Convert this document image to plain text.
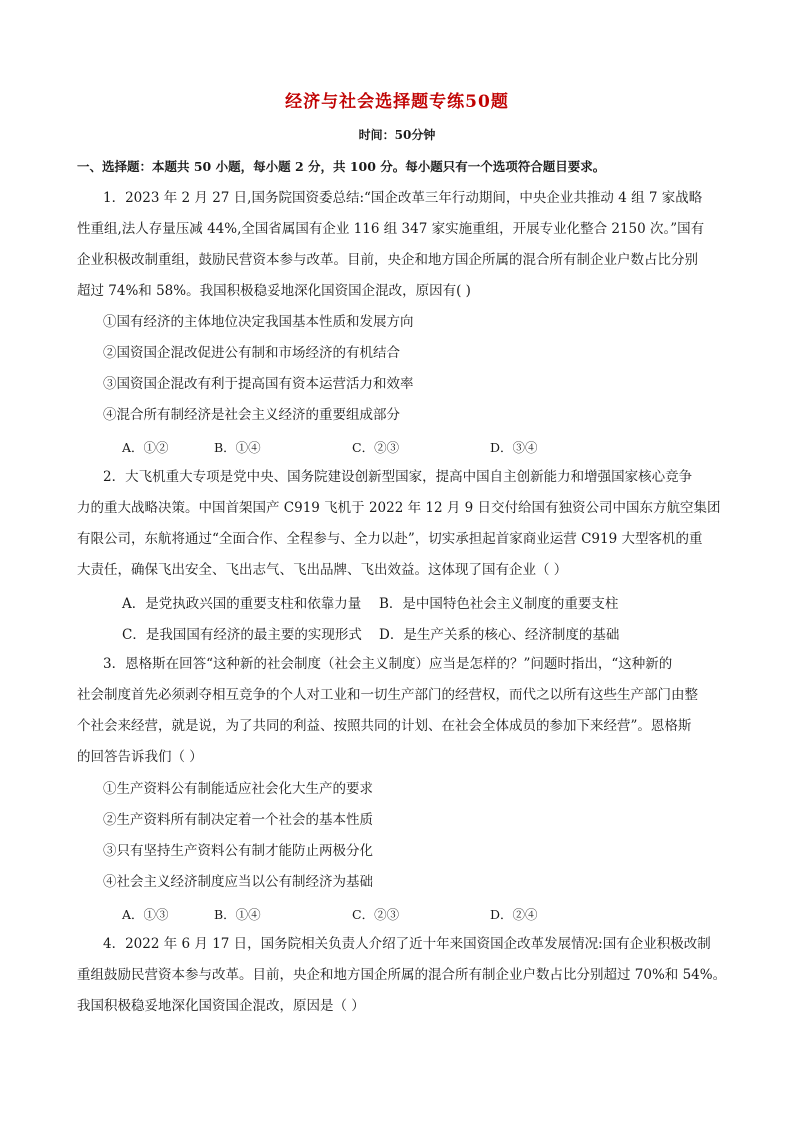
经济与社会选择题专练50题
时间：50分钟
一、选择题：本题共 50 小题，每小题 2 分，共 100 分。每小题只有一个选项符合题目要求。
1．2023 年 2 月 27 日,国务院国资委总结:“国企改革三年行动期间，中央企业共推动 4 组 7 家战略
性重组,法人存量压减 44%,全国省属国有企业 116 组 347 家实施重组，开展专业化整合 2150 次。”国有
企业积极改制重组，鼓励民营资本参与改革。目前，央企和地方国企所属的混合所有制企业户数占比分别
超过 74%和 58%。我国积极稳妥地深化国资国企混改，原因有( )
①国有经济的主体地位决定我国基本性质和发展方向
②国资国企混改促进公有制和市场经济的有机结合
③国资国企混改有利于提高国有资本运营活力和效率
④混合所有制经济是社会主义经济的重要组成部分
A．①②	B．①④	C．②③	D．③④
2．大飞机重大专项是党中央、国务院建设创新型国家，提高中国自主创新能力和增强国家核心竞争
力的重大战略决策。中国首架国产 C919 飞机于 2022 年 12 月 9 日交付给国有独资公司中国东方航空集团
有限公司，东航将通过“全面合作、全程参与、全力以赴”，切实承担起首家商业运营 C919 大型客机的重
大责任，确保飞出安全、飞出志气、飞出品牌、飞出效益。这体现了国有企业（ ）
A．是党执政兴国的重要支柱和依靠力量 B．是中国特色社会主义制度的重要支柱
C．是我国国有经济的最主要的实现形式 D．是生产关系的核心、经济制度的基础
3．恩格斯在回答“这种新的社会制度（社会主义制度）应当是怎样的？”问题时指出，“这种新的
社会制度首先必须剥夺相互竞争的个人对工业和一切生产部门的经营权，而代之以所有这些生产部门由整
个社会来经营，就是说，为了共同的利益、按照共同的计划、在社会全体成员的参加下来经营”。恩格斯
的回答告诉我们（ ）
①生产资料公有制能适应社会化大生产的要求
②生产资料所有制决定着一个社会的基本性质
③只有坚持生产资料公有制才能防止两极分化
④社会主义经济制度应当以公有制经济为基础
A．①③	B．①④	C．②③	D．②④
4．2022 年 6 月 17 日，国务院相关负责人介绍了近十年来国资国企改革发展情况:国有企业积极改制
重组鼓励民营资本参与改革。目前，央企和地方国企所属的混合所有制企业户数占比分别超过 70%和 54%。
我国积极稳妥地深化国资国企混改，原因是（ ）
